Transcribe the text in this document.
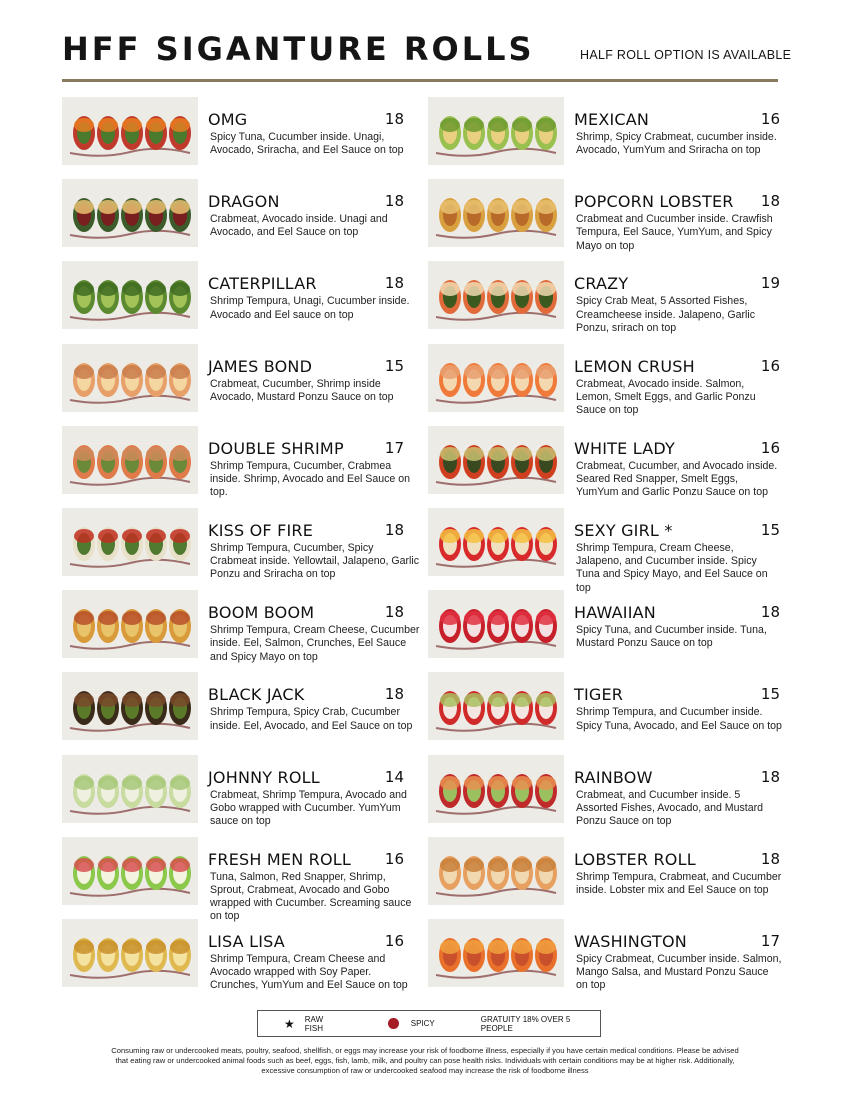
HFF SIGANTURE ROLLS	HALF ROLL OPTION IS AVAILABLE
OMG	18
Spicy Tuna, Cucumber inside. Unagi, Avocado, Sriracha, and Eel Sauce on top
DRAGON	18
Crabmeat, Avocado inside. Unagi and Avocado, and Eel Sauce on top
CATERPILLAR	18
Shrimp Tempura, Unagi, Cucumber inside. Avocado and Eel sauce on top
JAMES BOND	15
Crabmeat, Cucumber, Shrimp inside Avocado, Mustard Ponzu Sauce on top
DOUBLE SHRIMP	17
Shrimp Tempura, Cucumber, Crabmea inside. Shrimp, Avocado and Eel Sauce on top.
KISS OF FIRE	18
Shrimp Tempura, Cucumber, Spicy Crabmeat inside. Yellowtail, Jalapeno, Garlic Ponzu and Sriracha on top
BOOM BOOM	18
Shrimp Tempura, Cream Cheese, Cucumber inside. Eel, Salmon, Crunches, Eel Sauce and Spicy Mayo on top
BLACK JACK	18
Shrimp Tempura, Spicy Crab, Cucumber inside. Eel, Avocado, and Eel Sauce on top
JOHNNY ROLL	14
Crabmeat, Shrimp Tempura, Avocado and Gobo wrapped with Cucumber. YumYum sauce on top
FRESH MEN ROLL 16
Tuna, Salmon, Red Snapper, Shrimp, Sprout, Crabmeat, Avocado and Gobo wrapped with Cucumber. Screaming sauce on top
LISA LISA	16
Shrimp Tempura, Cream Cheese and Avocado wrapped with Soy Paper. Crunches, YumYum and Eel Sauce on top
MEXICAN	16
Shrimp, Spicy Crabmeat, cucumber inside. Avocado, YumYum and Sriracha on top
POPCORN LOBSTER 18
Crabmeat and Cucumber inside. Crawfish Tempura, Eel Sauce, YumYum, and Spicy Mayo on top
CRAZY	19
Spicy Crab Meat, 5 Assorted Fishes, Creamcheese inside. Jalapeno, Garlic Ponzu, srirach on top
LEMON CRUSH	16
Crabmeat, Avocado inside. Salmon, Lemon, Smelt Eggs, and Garlic Ponzu Sauce on top
WHITE LADY	16
Crabmeat, Cucumber, and Avocado inside. Seared Red Snapper, Smelt Eggs, YumYum and Garlic Ponzu Sauce on top
SEXY GIRL *	15
Shrimp Tempura, Cream Cheese, Jalapeno, and Cucumber inside. Spicy Tuna and Spicy Mayo, and Eel Sauce on top
HAWAIIAN	18
Spicy Tuna, and Cucumber inside. Tuna, Mustard Ponzu Sauce on top
TIGER	15
Shrimp Tempura, and Cucumber inside. Spicy Tuna, Avocado, and Eel Sauce on top
RAINBOW	18
Crabmeat, and Cucumber inside. 5 Assorted Fishes, Avocado, and Mustard Ponzu Sauce on top
LOBSTER ROLL	18
Shrimp Tempura, Crabmeat, and Cucumber inside. Lobster mix and Eel Sauce on top
WASHINGTON	17
Spicy Crabmeat, Cucumber inside. Salmon, Mango Salsa, and Mustard Ponzu Sauce on top
★ RAW FISH	SPICY	GRATUITY 18% OVER 5 PEOPLE
Consuming raw or undercooked meats, poultry, seafood, shellfish, or eggs may increase your risk of foodborne illness, especially if you have certain medical conditions. Please be advised that eating raw or undercooked animal foods such as beef, eggs, fish, lamb, milk, and poultry can pose health risks. Individuals with certain conditions may be at higher risk. Additionally, excessive consumption of raw or undercooked seafood may increase the risk of foodborne illness
